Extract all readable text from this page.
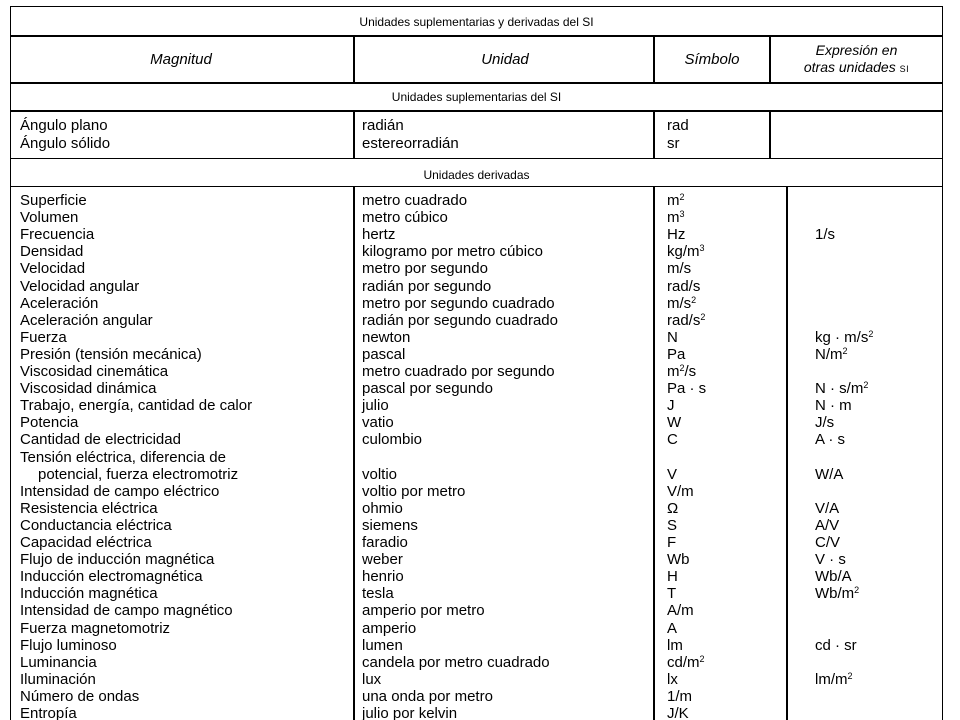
Unidades suplementarias y derivadas del SI
Magnitud	Unidad	Símbolo
Expresión en
otras unidades SI
Unidades suplementarias del SI
Unidades derivadas
Ángulo plano	radián	rad
Ángulo sólido	estereorradián	sr
Superficie	metro cuadrado	$m^2$
Volumen	metro cúbico	$m^3$
Frecuencia	hertz	Hz	1/s
Densidad	kilogramo por metro cúbico	$kg/m^3$
Velocidad	metro por segundo	m/s
Velocidad angular	radián por segundo	rad/s
Aceleración	metro por segundo cuadrado	$m/s^2$
Aceleración angular	radián por segundo cuadrado	rad/$s^2$
Fuerza	newton	N	kg · $m/s^2$
Presión (tensión mecánica)	pascal	Pa	$N/m^2$
Viscosidad cinemática	metro cuadrado por segundo	$m^2/s$
Viscosidad dinámica	pascal por segundo	Pa · s	$N \cdot s/m^2$
Trabajo, energía, cantidad de calor	julio	J	N · m
Potencia	vatio	W	J/s
Cantidad de electricidad	culombio	C	A · s
Tensión eléctrica, diferencia de
potencial, fuerza electromotriz	voltio	V	W/A
Intensidad de campo eléctrico	voltio por metro	V/m
Resistencia eléctrica	ohmio	Ω	V/A
Conductancia eléctrica	siemens	S	A/V
Capacidad eléctrica	faradio	F	C/V
Flujo de inducción magnética	weber	Wb	V · s
Inducción electromagnética	henrio	H	Wb/A
Inducción magnética	tesla	T	$Wb/m^2$
Intensidad de campo magnético	amperio por metro	A/m
Fuerza magnetomotriz	amperio	A
Flujo luminoso	lumen	lm	cd · sr
Luminancia	candela por metro cuadrado	$cd/m^2$
Iluminación	lux	lx	$lm/m^2$
Número de ondas	una onda por metro	1/m
Entropía	julio por kelvin	J/K
